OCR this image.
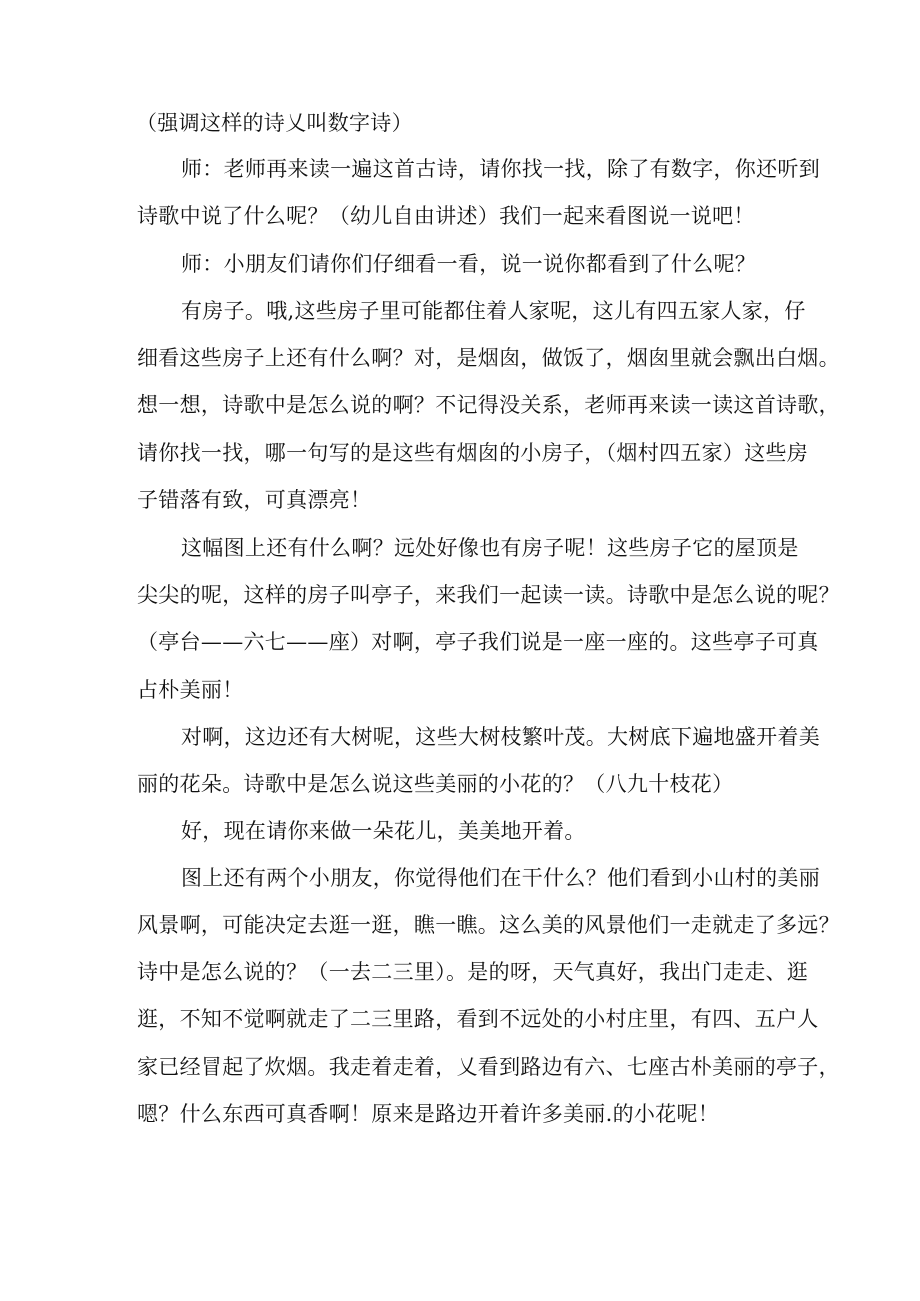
（强调这样的诗乂叫数字诗）
师：老师再来读一遍这首古诗，请你找一找，除了有数字，你还听到
诗歌中说了什么呢？（幼儿自由讲述）我们一起来看图说一说吧！
师：小朋友们请你们仔细看一看，说一说你都看到了什么呢？
有房子。哦,这些房子里可能都住着人家呢，这儿有四五家人家，仔
细看这些房子上还有什么啊？对，是烟囱，做饭了，烟囱里就会飘出白烟。
想一想，诗歌中是怎么说的啊？不记得没关系，老师再来读一读这首诗歌，
请你找一找，哪一句写的是这些有烟囱的小房子，（烟村四五家）这些房
子错落有致，可真漂亮！
这幅图上还有什么啊？远处好像也有房子呢！这些房子它的屋顶是
尖尖的呢，这样的房子叫亭子，来我们一起读一读。诗歌中是怎么说的呢？
（亭台——六七——座）对啊，亭子我们说是一座一座的。这些亭子可真
占朴美丽！
对啊，这边还有大树呢，这些大树枝繁叶茂。大树底下遍地盛开着美
丽的花朵。诗歌中是怎么说这些美丽的小花的？（八九十枝花）
好，现在请你来做一朵花儿，美美地开着。
图上还有两个小朋友，你觉得他们在干什么？他们看到小山村的美丽
风景啊，可能决定去逛一逛，瞧一瞧。这么美的风景他们一走就走了多远？
诗中是怎么说的？（一去二三里）。是的呀，天气真好，我出门走走、逛
逛，不知不觉啊就走了二三里路，看到不远处的小村庄里，有四、五户人
家已经冒起了炊烟。我走着走着，乂看到路边有六、七座古朴美丽的亭子，
嗯？什么东西可真香啊！原来是路边开着许多美丽.的小花呢！
